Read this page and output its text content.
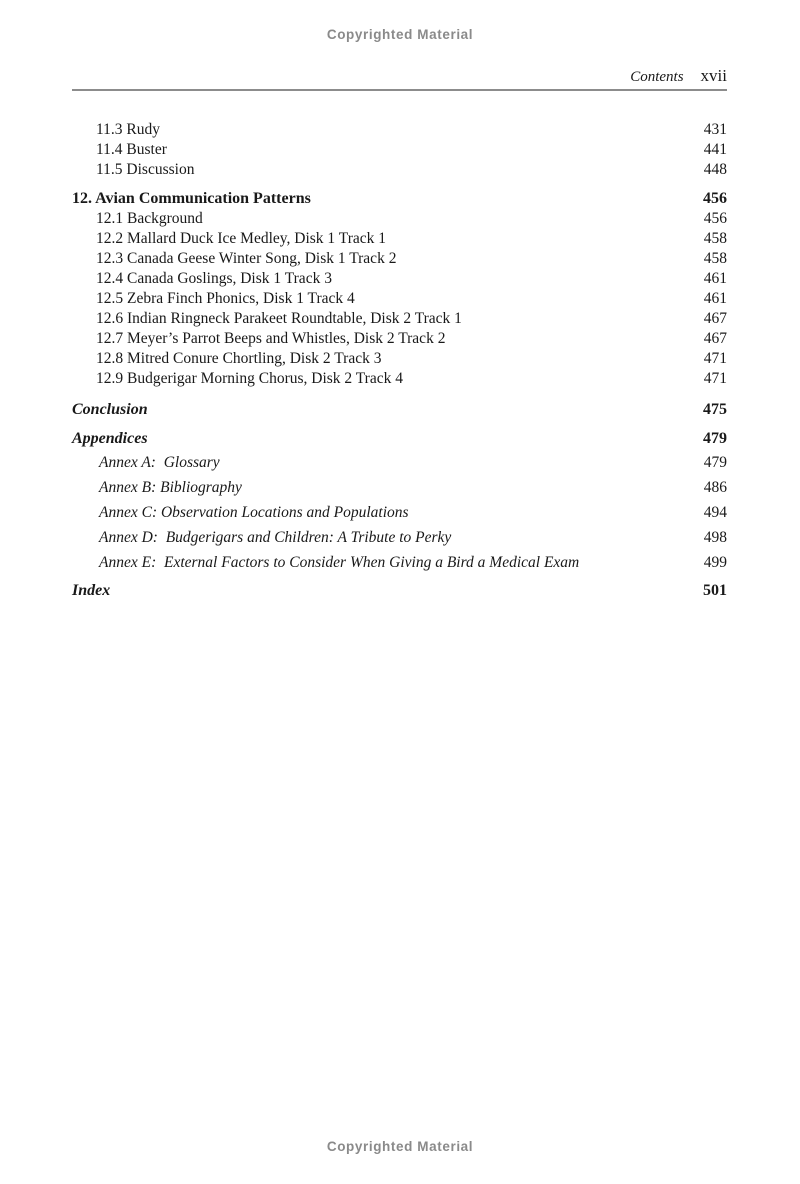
Copyrighted Material
Contents xvii
11.3 Rudy	431
11.4 Buster	441
11.5 Discussion	448
12. Avian Communication Patterns	456
12.1 Background	456
12.2 Mallard Duck Ice Medley, Disk 1 Track 1	458
12.3 Canada Geese Winter Song, Disk 1 Track 2	458
12.4 Canada Goslings, Disk 1 Track 3	461
12.5 Zebra Finch Phonics, Disk 1 Track 4	461
12.6 Indian Ringneck Parakeet Roundtable, Disk 2 Track 1	467
12.7 Meyer’s Parrot Beeps and Whistles, Disk 2 Track 2	467
12.8 Mitred Conure Chortling, Disk 2 Track 3	471
12.9 Budgerigar Morning Chorus, Disk 2 Track 4	471
Conclusion	475
Appendices	479
Annex A:  Glossary	479
Annex B: Bibliography	486
Annex C: Observation Locations and Populations	494
Annex D:  Budgerigars and Children: A Tribute to Perky	498
Annex E:  External Factors to Consider When Giving a Bird a Medical Exam	499
Index	501
Copyrighted Material
